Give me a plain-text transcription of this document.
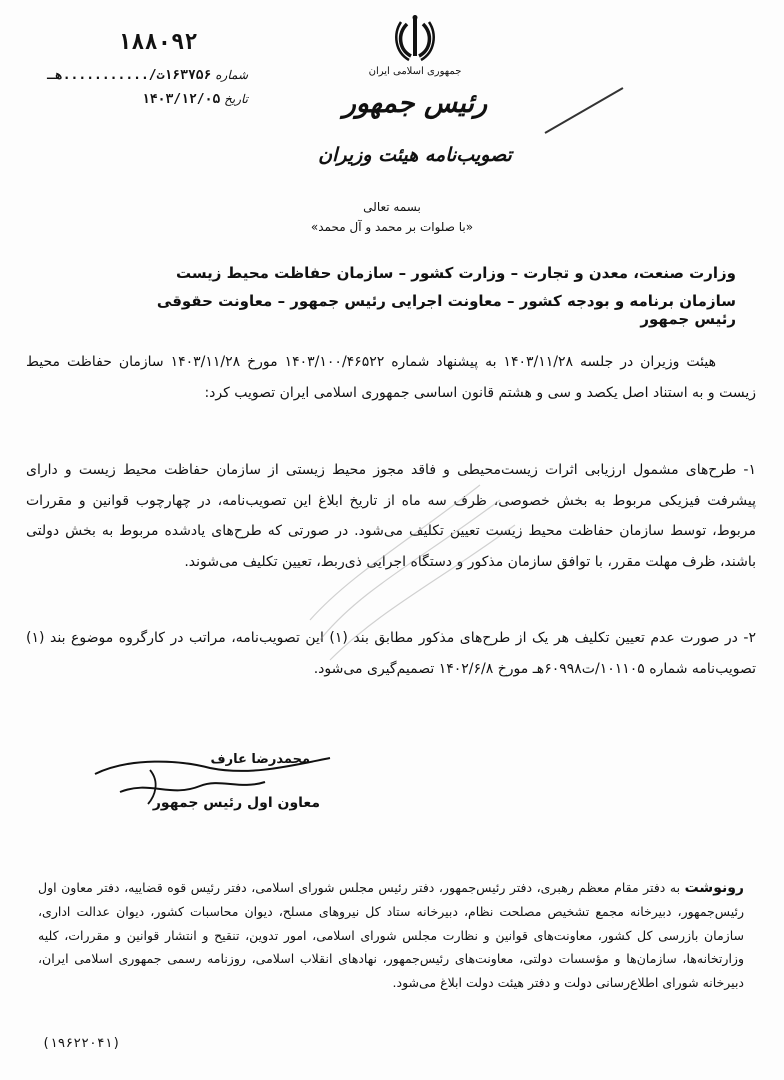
۱۸۸۰۹۲
شماره ۱۶۳۷۵۶ت/...........هـ
تاریخ ۱۴۰۳/۱۲/۰۵
جمهوری اسلامی ایران
رئیس جمهور
تصویب‌نامه هیئت وزیران
بسمه تعالی
«با صلوات بر محمد و آل محمد»
وزارت صنعت، معدن و تجارت – وزارت کشور – سازمان حفاظت محیط زیست
سازمان برنامه و بودجه کشور – معاونت اجرایی رئیس جمهور – معاونت حقوقی رئیس جمهور
هیئت وزیران در جلسه ۱۴۰۳/۱۱/۲۸ به پیشنهاد شماره ۱۴۰۳/۱۰۰/۴۶۵۲۲ مورخ ۱۴۰۳/۱۱/۲۸ سازمان حفاظت محیط زیست و به استناد اصل یکصد و سی و هشتم قانون اساسی جمهوری اسلامی ایران تصویب کرد:
۱- طرح‌های مشمول ارزیابی اثرات زیست‌محیطی و فاقد مجوز محیط زیستی از سازمان حفاظت محیط زیست و دارای پیشرفت فیزیکی مربوط به بخش خصوصی، ظرف سه ماه از تاریخ ابلاغ این تصویب‌نامه، در چهارچوب قوانین و مقررات مربوط، توسط سازمان حفاظت محیط زیست تعیین تکلیف می‌شود. در صورتی که طرح‌های یادشده مربوط به بخش دولتی باشند، ظرف مهلت مقرر، با توافق سازمان مذکور و دستگاه اجرایی ذی‌ربط، تعیین تکلیف می‌شوند.
۲- در صورت عدم تعیین تکلیف هر یک از طرح‌های مذکور مطابق بند (۱) این تصویب‌نامه، مراتب در کارگروه موضوع بند (۱) تصویب‌نامه شماره ۱۰۱۱۰۵/ت۶۰۹۹۸هـ مورخ ۱۴۰۲/۶/۸ تصمیم‌گیری می‌شود.
محمدرضا عارف
معاون اول رئیس جمهور
رونوشت به دفتر مقام معظم رهبری، دفتر رئیس‌جمهور، دفتر رئیس مجلس شورای اسلامی، دفتر رئیس قوه قضاییه، دفتر معاون اول رئیس‌جمهور، دبیرخانه مجمع تشخیص مصلحت نظام، دبیرخانه ستاد کل نیروهای مسلح، دیوان محاسبات کشور، دیوان عدالت اداری، سازمان بازرسی کل کشور، معاونت‌های قوانین و نظارت مجلس شورای اسلامی، امور تدوین، تنقیح و انتشار قوانین و مقررات، کلیه وزارتخانه‌ها، سازمان‌ها و مؤسسات دولتی، معاونت‌های رئیس‌جمهور، نهادهای انقلاب اسلامی، روزنامه رسمی جمهوری اسلامی ایران، دبیرخانه شورای اطلاع‌رسانی دولت و دفتر هیئت دولت ابلاغ می‌شود.
(۱۹۶۲۲۰۴۱)
